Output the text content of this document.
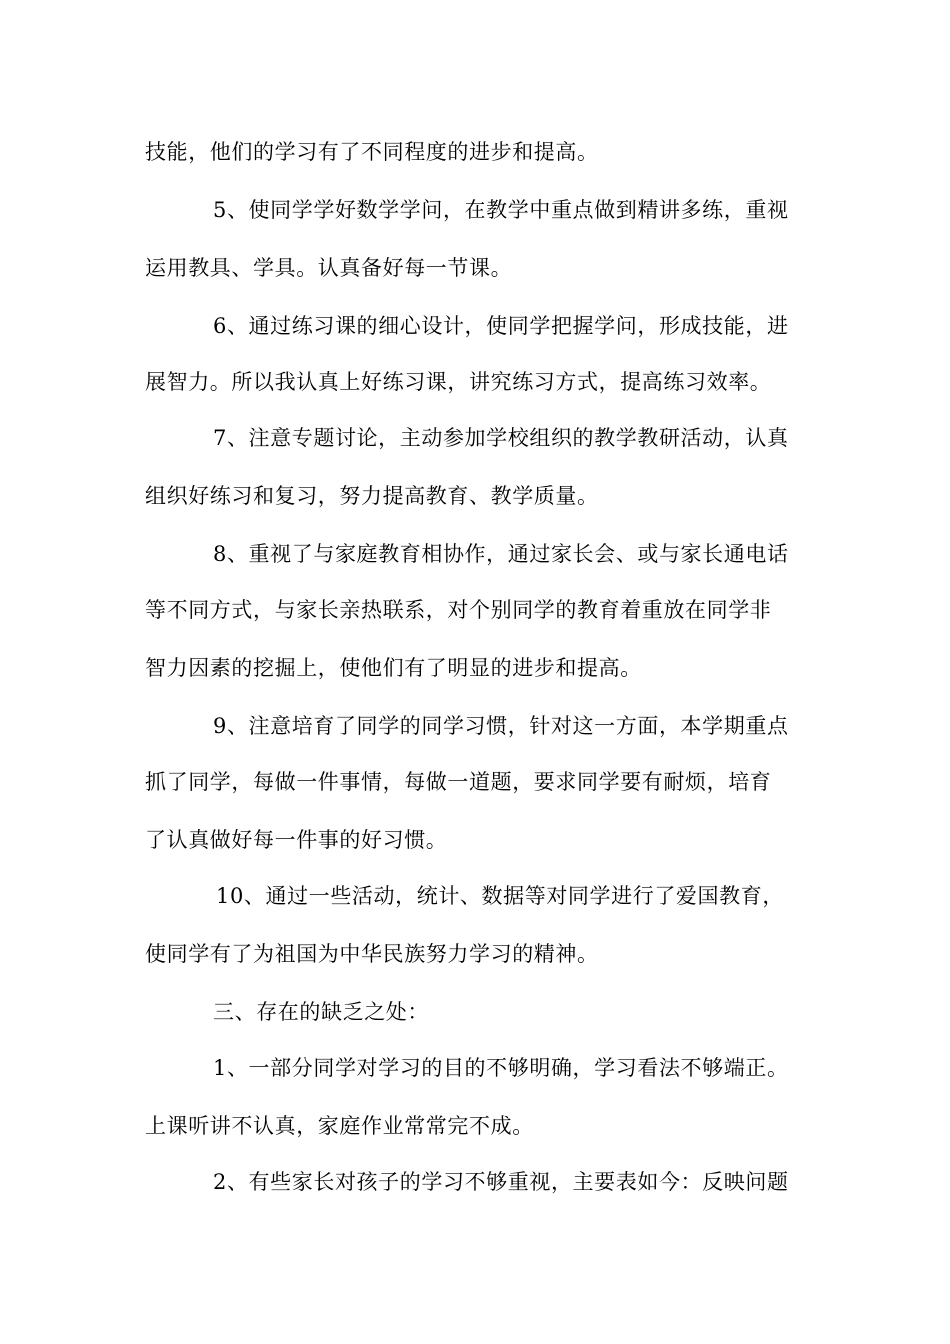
技能，他们的学习有了不同程度的进步和提高。
5、使同学学好数学学问，在教学中重点做到精讲多练，重视
运用教具、学具。认真备好每一节课。
6、通过练习课的细心设计，使同学把握学问，形成技能，进
展智力。所以我认真上好练习课，讲究练习方式，提高练习效率。
7、注意专题讨论，主动参加学校组织的教学教研活动，认真
组织好练习和复习，努力提高教育、教学质量。
8、重视了与家庭教育相协作，通过家长会、或与家长通电话
等不同方式，与家长亲热联系，对个别同学的教育着重放在同学非
智力因素的挖掘上，使他们有了明显的进步和提高。
9、注意培育了同学的同学习惯，针对这一方面，本学期重点
抓了同学，每做一件事情，每做一道题，要求同学要有耐烦，培育
了认真做好每一件事的好习惯。
10、通过一些活动，统计、数据等对同学进行了爱国教育，
使同学有了为祖国为中华民族努力学习的精神。
三、存在的缺乏之处：
1、一部分同学对学习的目的不够明确，学习看法不够端正。
上课听讲不认真，家庭作业常常完不成。
2、有些家长对孩子的学习不够重视，主要表如今：反映问题
